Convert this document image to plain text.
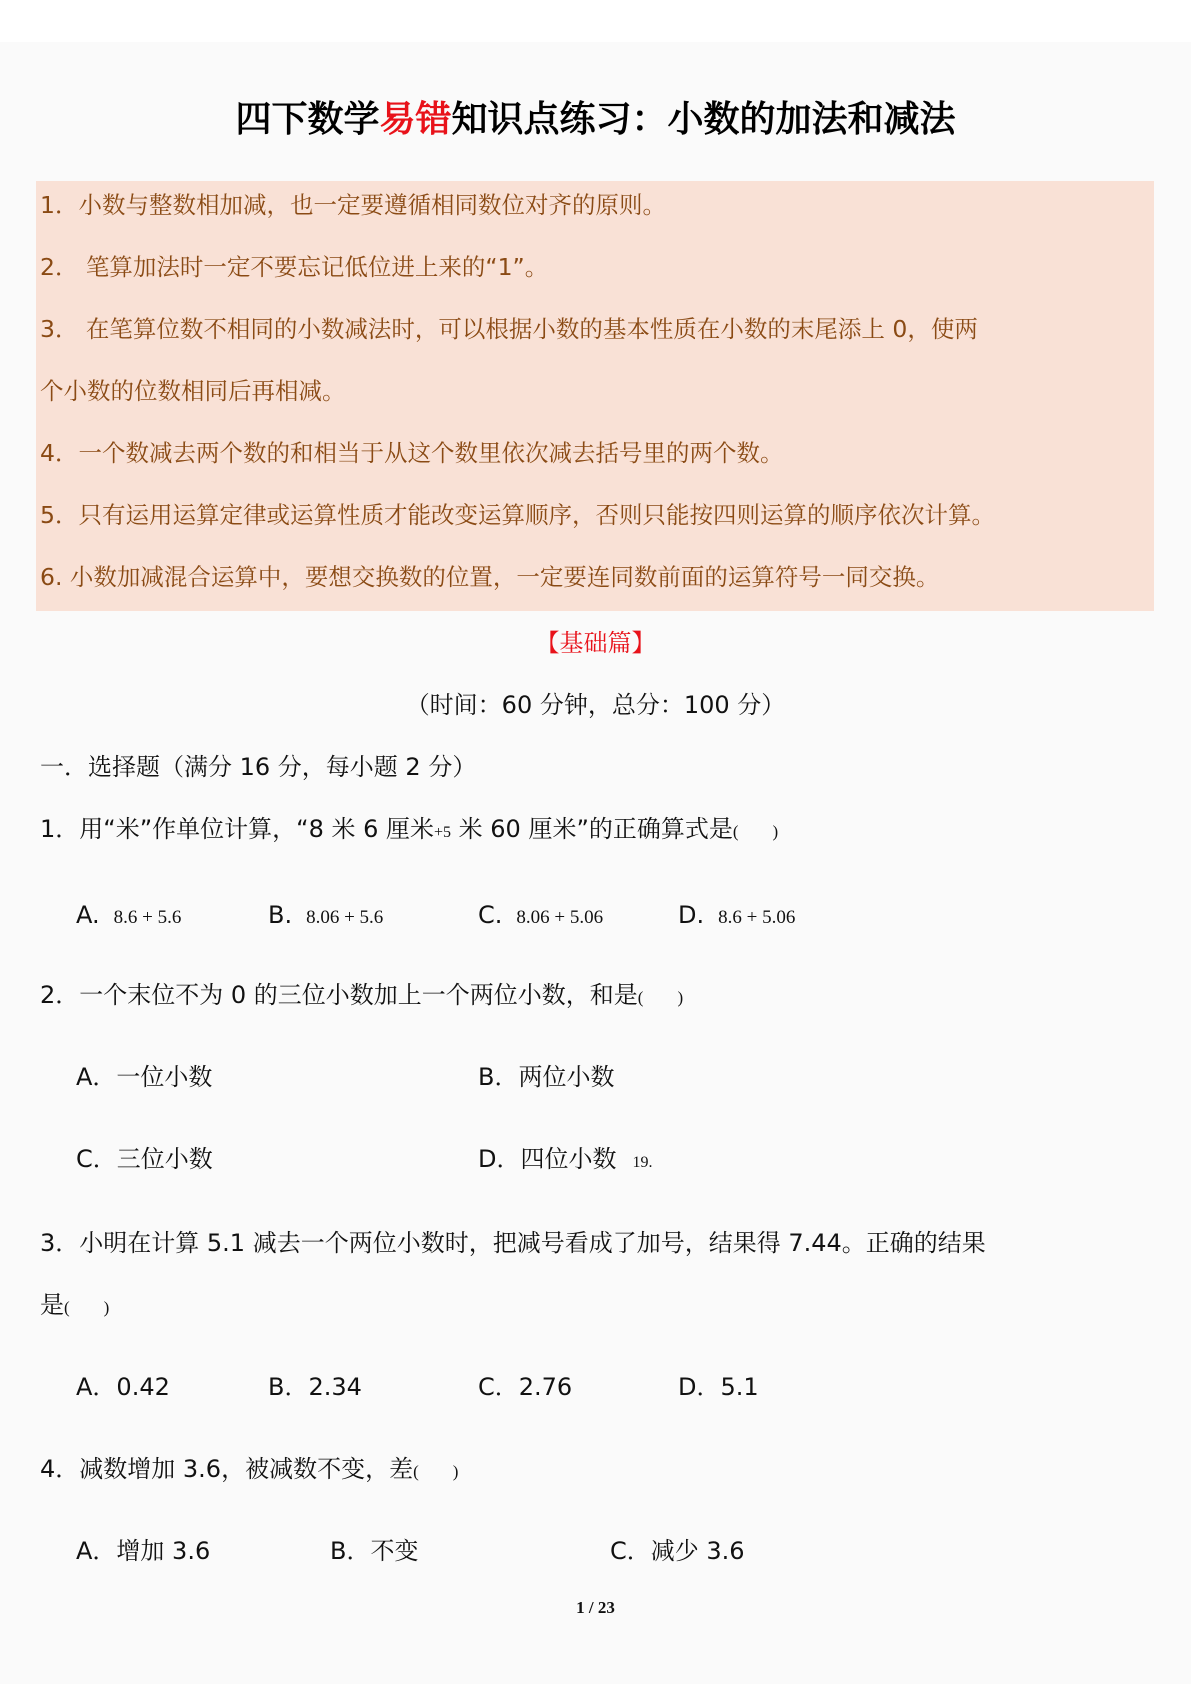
四下数学易错知识点练习：小数的加法和减法
1．小数与整数相加减，也一定要遵循相同数位对齐的原则。
2． 笔算加法时一定不要忘记低位进上来的“1”。
3． 在笔算位数不相同的小数减法时，可以根据小数的基本性质在小数的末尾添上 0，使两
个小数的位数相同后再相减。
4．一个数减去两个数的和相当于从这个数里依次减去括号里的两个数。
5．只有运用运算定律或运算性质才能改变运算顺序，否则只能按四则运算的顺序依次计算。
6. 小数加减混合运算中，要想交换数的位置，一定要连同数前面的运算符号一同交换。
【基础篇】
（时间：60 分钟，总分：100 分）
一．选择题（满分 16 分，每小题 2 分）
1．用“米”作单位计算，“8 米 6 厘米+5 米 60 厘米”的正确算式是(        )
A. 8.6 + 5.6	B. 8.06 + 5.6	C. 8.06 + 5.06	D. 8.6 + 5.06
2．一个末位不为 0 的三位小数加上一个两位小数，和是(        )
A．一位小数	B．两位小数
C．三位小数	D．四位小数 19.
3．小明在计算 5.1 减去一个两位小数时，把减号看成了加号，结果得 7.44。正确的结果
是(        )
A．0.42	B．2.34	C．2.76	D．5.1
4．减数增加 3.6，被减数不变，差(        )
A．增加 3.6	B．不变	C．减少 3.6
1 / 23
